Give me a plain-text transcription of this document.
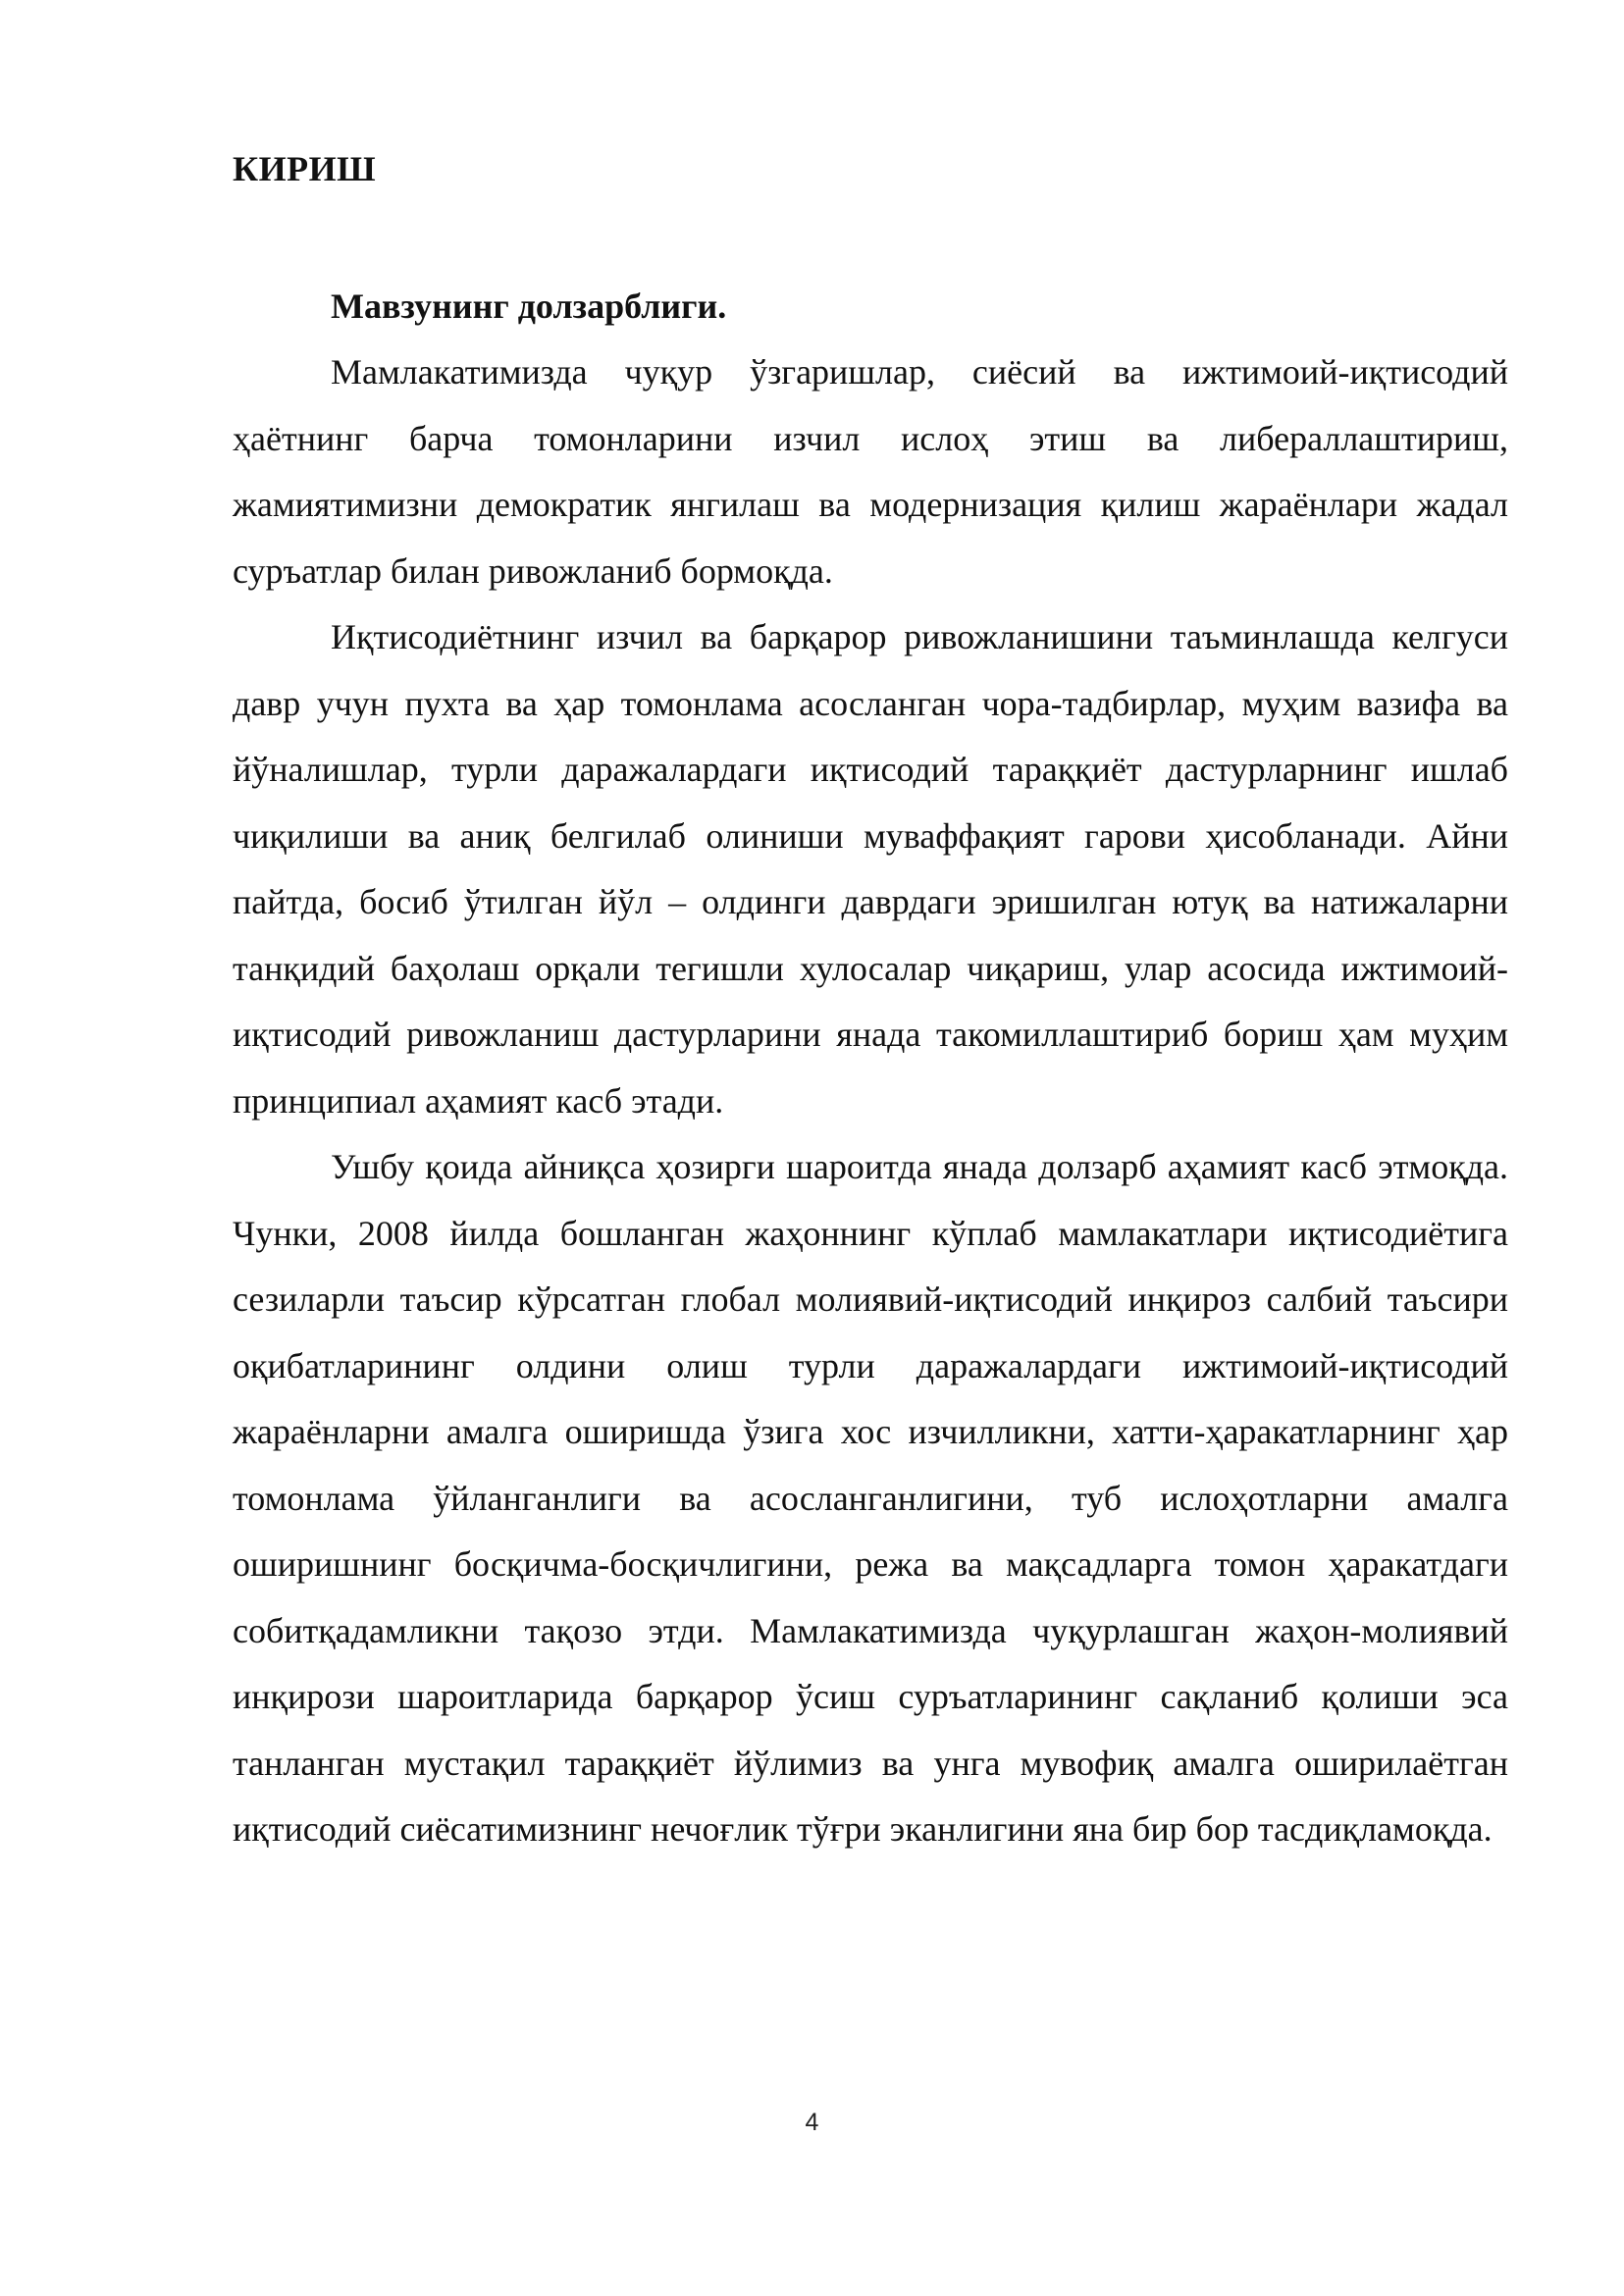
КИРИШ
Мавзунинг долзарблиги.

Мамлакатимизда чуқур ўзгаришлар, сиёсий ва ижтимоий-иқтисодий ҳаётнинг барча томонларини изчил ислоҳ этиш ва либераллаштириш, жамиятимизни демократик янгилаш ва модернизация қилиш жараёнлари жадал суръатлар билан ривожланиб бормоқда.

Иқтисодиётнинг изчил ва барқарор ривожланишини таъминлашда келгуси давр учун пухта ва ҳар томонлама асосланган чора-тадбирлар, муҳим вазифа ва йўналишлар, турли даражалардаги иқтисодий тараққиёт дастурларнинг ишлаб чиқилиши ва аниқ белгилаб олиниши муваффақият гарови ҳисобланади. Айни пайтда, босиб ўтилган йўл – олдинги даврдаги эришилган ютуқ ва натижаларни танқидий баҳолаш орқали тегишли хулосалар чиқариш, улар асосида ижтимоий-иқтисодий ривожланиш дастурларини янада такомиллаштириб бориш ҳам муҳим принципиал аҳамият касб этади.

Ушбу қоида айниқса ҳозирги шароитда янада долзарб аҳамият касб этмоқда. Чунки, 2008 йилда бошланган жаҳоннинг кўплаб мамлакатлари иқтисодиётига сезиларли таъсир кўрсатган глобал молиявий-иқтисодий инқироз салбий таъсири оқибатларининг олдини олиш турли даражалардаги ижтимоий-иқтисодий жараёнларни амалга оширишда ўзига хос изчилликни, хатти-ҳаракатларнинг ҳар томонлама ўйланганлиги ва асосланганлигини, туб ислоҳотларни амалга оширишнинг босқичма-босқичлигини, режа ва мақсадларга томон ҳаракатдаги собитқадамликни тақозо этди. Мамлакатимизда чуқурлашган жаҳон-молиявий инқирози шароитларида барқарор ўсиш суръатларининг сақланиб қолиши эса танланган мустақил тараққиёт йўлимиз ва унга мувофиқ амалга оширилаётган иқтисодий сиёсатимизнинг нечоғлик тўғри эканлигини яна бир бор тасдиқламоқда.

4
